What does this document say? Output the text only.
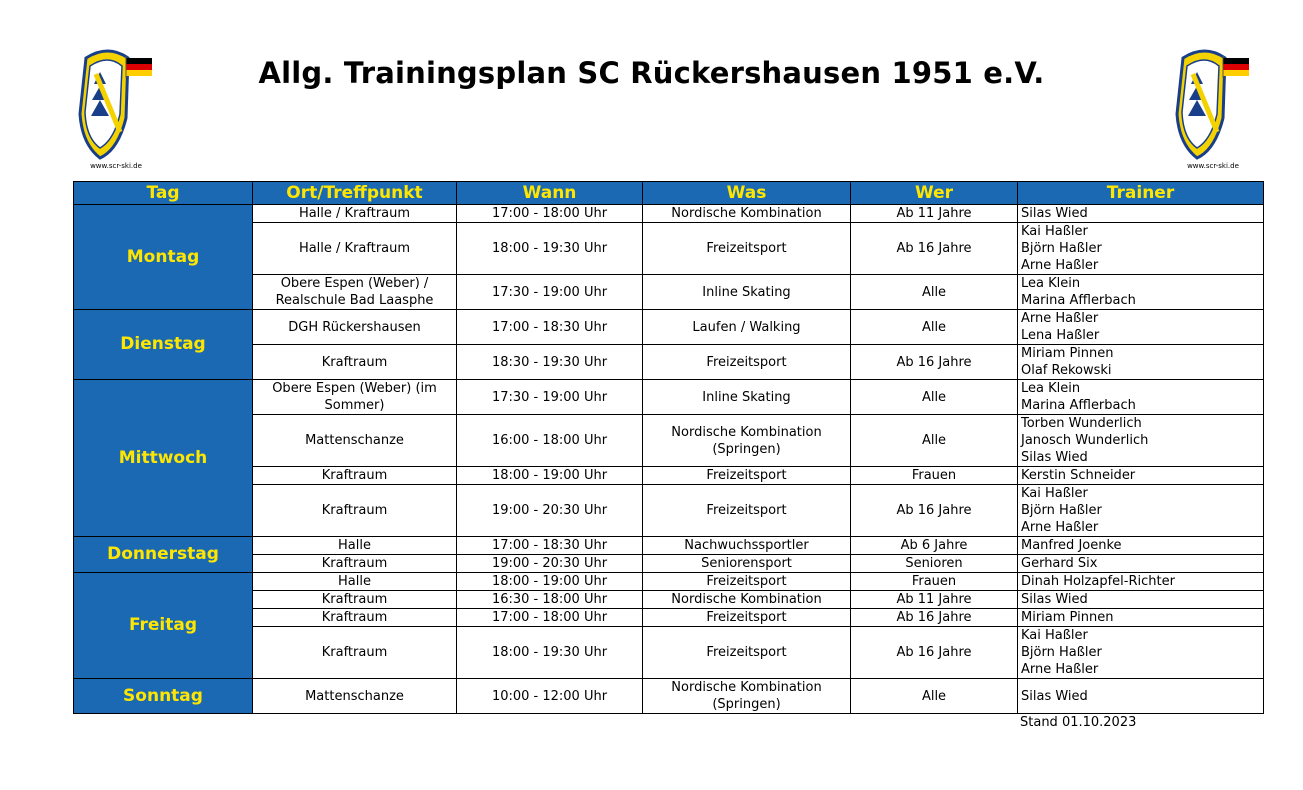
Allg. Trainingsplan SC Rückershausen 1951 e.V.
www.scr-ski.de	www.scr-ski.de
Tag	Ort/Treffpunkt	Wann	Was	Wer	Trainer
Montag	Halle / Kraftraum	17:00 - 18:00 Uhr	Nordische Kombination	Ab 11 Jahre	Silas Wied

	Halle / Kraftraum	18:00 - 19:30 Uhr	Freizeitsport	Ab 16 Jahre	Kai Haßler
Björn Haßler
Arne Haßler

	Obere Espen (Weber) /
Realschule Bad Laasphe	17:30 - 19:00 Uhr	Inline Skating	Alle	Lea Klein
Marina Afflerbach

Dienstag	DGH Rückershausen	17:00 - 18:30 Uhr	Laufen / Walking	Alle	Arne Haßler
Lena Haßler

	Kraftraum	18:30 - 19:30 Uhr	Freizeitsport	Ab 16 Jahre	Miriam Pinnen
Olaf Rekowski

Mittwoch	Obere Espen (Weber) (im
Sommer)	17:30 - 19:00 Uhr	Inline Skating	Alle	Lea Klein
Marina Afflerbach

	Mattenschanze	16:00 - 18:00 Uhr	Nordische Kombination
(Springen)	Alle	Torben Wunderlich
Janosch Wunderlich
Silas Wied

	Kraftraum	18:00 - 19:00 Uhr	Freizeitsport	Frauen	Kerstin Schneider

	Kraftraum	19:00 - 20:30 Uhr	Freizeitsport	Ab 16 Jahre	Kai Haßler
Björn Haßler
Arne Haßler

Donnerstag	Halle	17:00 - 18:30 Uhr	Nachwuchssportler	Ab 6 Jahre	Manfred Joenke

	Kraftraum	19:00 - 20:30 Uhr	Seniorensport	Senioren	Gerhard Six

Freitag	Halle	18:00 - 19:00 Uhr	Freizeitsport	Frauen	Dinah Holzapfel-Richter

	Kraftraum	16:30 - 18:00 Uhr	Nordische Kombination	Ab 11 Jahre	Silas Wied

	Kraftraum	17:00 - 18:00 Uhr	Freizeitsport	Ab 16 Jahre	Miriam Pinnen

	Kraftraum	18:00 - 19:30 Uhr	Freizeitsport	Ab 16 Jahre	Kai Haßler
Björn Haßler
Arne Haßler

Sonntag	Mattenschanze	10:00 - 12:00 Uhr	Nordische Kombination
(Springen)	Alle	Silas Wied
Stand 01.10.2023
